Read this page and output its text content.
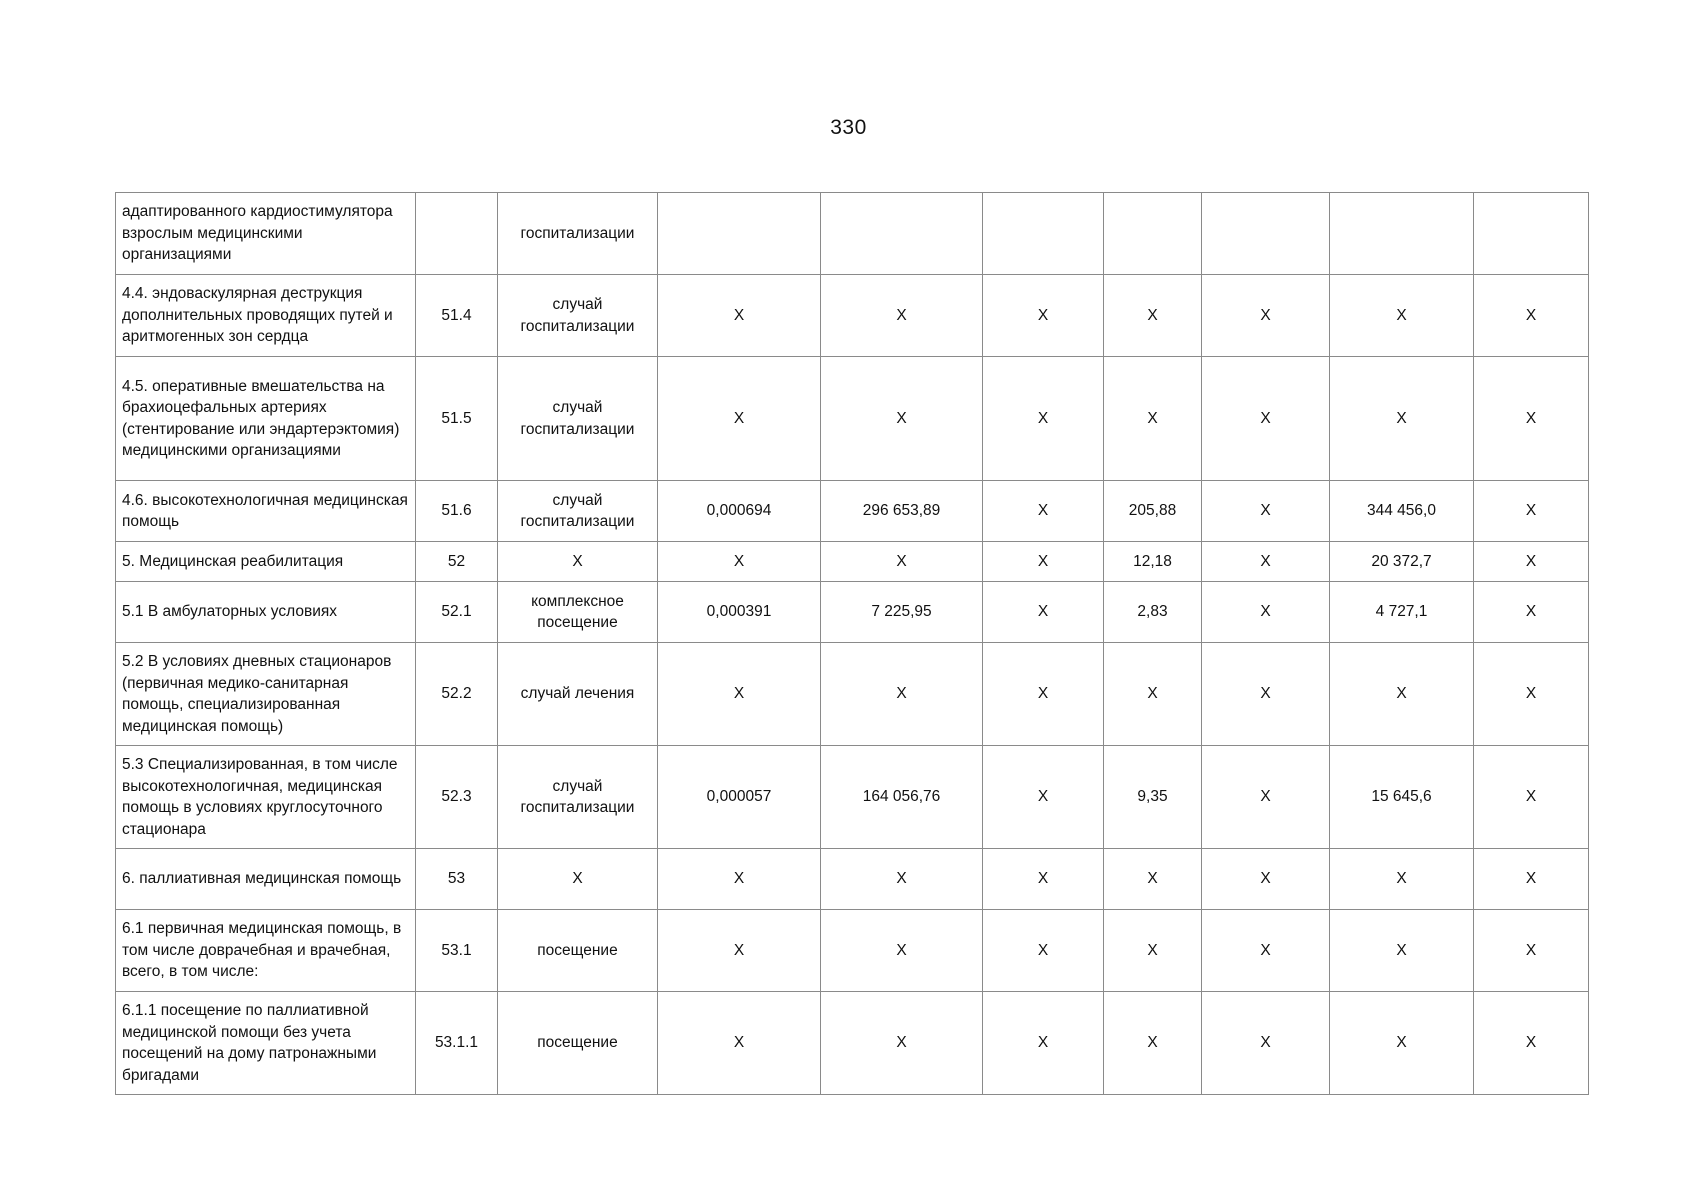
330
адаптированного кардиостимулятора взрослым медицинскими организациями		госпитализации							
4.4. эндоваскулярная деструкция дополнительных проводящих путей и аритмогенных зон сердца	51.4	случай госпитализации	Х	Х	Х	Х	Х	Х	Х
4.5. оперативные вмешательства на брахиоцефальных артериях (стентирование или эндартерэктомия) медицинскими организациями	51.5	случай госпитализации	Х	Х	Х	Х	Х	Х	Х
4.6. высокотехнологичная медицинская помощь	51.6	случай госпитализации	0,000694	296 653,89	Х	205,88	Х	344 456,0	Х
5. Медицинская реабилитация	52	Х	Х	Х	Х	12,18	Х	20 372,7	Х
5.1 В амбулаторных условиях	52.1	комплексное посещение	0,000391	7 225,95	Х	2,83	Х	4 727,1	Х
5.2 В условиях дневных стационаров (первичная медико-санитарная помощь, специализированная медицинская помощь)	52.2	случай лечения	Х	Х	Х	Х	Х	Х	Х
5.3 Специализированная, в том числе высокотехнологичная, медицинская помощь в условиях круглосуточного стационара	52.3	случай госпитализации	0,000057	164 056,76	Х	9,35	Х	15 645,6	Х
6. паллиативная медицинская помощь	53	Х	Х	Х	Х	Х	Х	Х	Х
6.1 первичная медицинская помощь, в том числе доврачебная и врачебная, всего, в том числе:	53.1	посещение	Х	Х	Х	Х	Х	Х	Х
6.1.1 посещение по паллиативной медицинской помощи без учета посещений на дому патронажными бригадами	53.1.1	посещение	Х	Х	Х	Х	Х	Х	Х
